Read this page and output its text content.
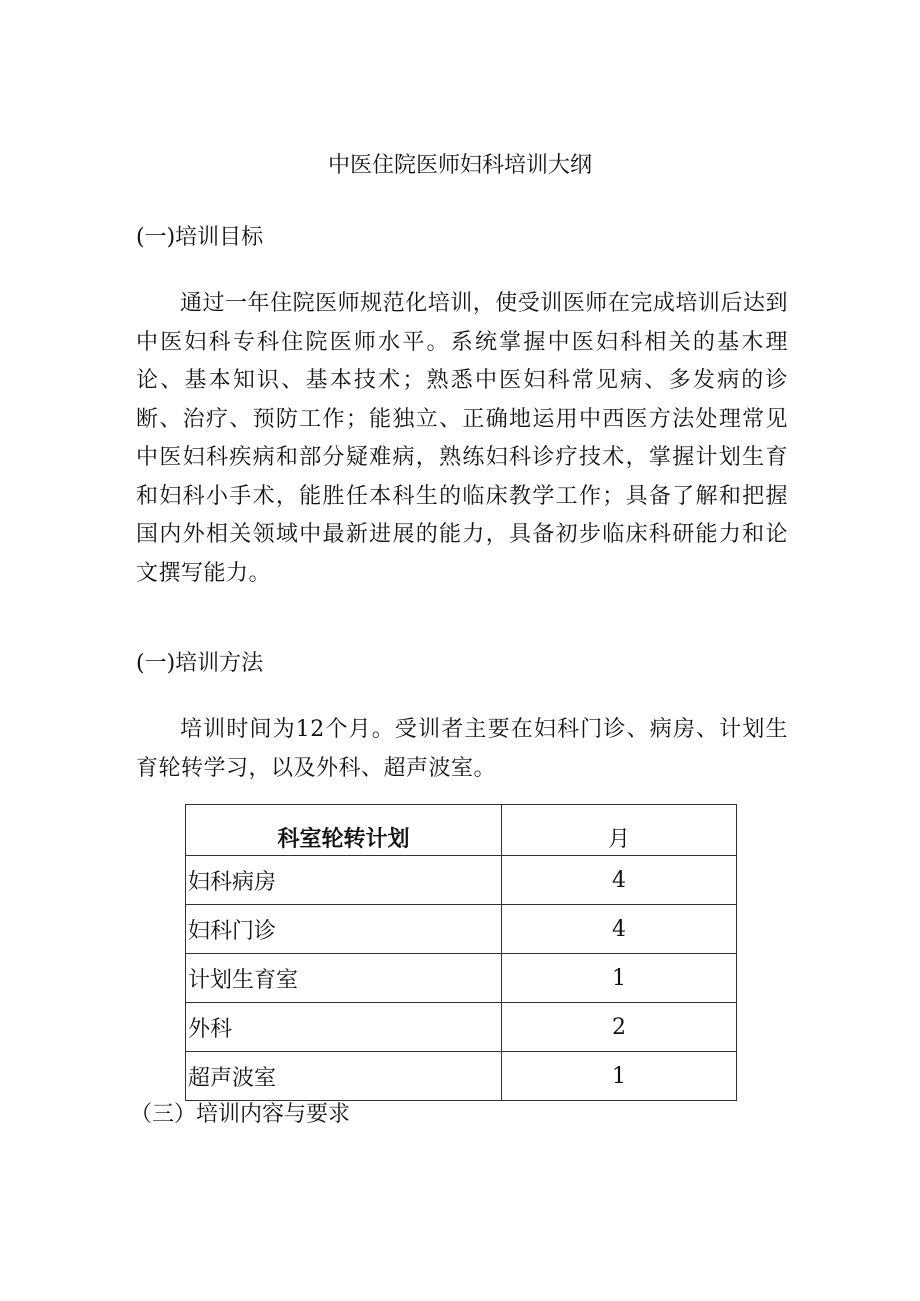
中医住院医师妇科培训大纲
(一)培训目标
通过一年住院医师规范化培训，使受训医师在完成培训后达到中医妇科专科住院医师水平。系统掌握中医妇科相关的基木理论、基本知识、基本技术；熟悉中医妇科常见病、多发病的诊断、治疗、预防工作；能独立、正确地运用中西医方法处理常见中医妇科疾病和部分疑难病，熟练妇科诊疗技术，掌握计划生育和妇科小手术，能胜任本科生的临床教学工作；具备了解和把握国内外相关领域中最新进展的能力，具备初步临床科研能力和论文撰写能力。
(一)培训方法
培训时间为12个月。受训者主要在妇科门诊、病房、计划生育轮转学习，以及外科、超声波室。
科室轮转计划	月
妇科病房	4
妇科门诊	4
计划生育室	1
外科	2
超声波室	1
（三）培训内容与要求
